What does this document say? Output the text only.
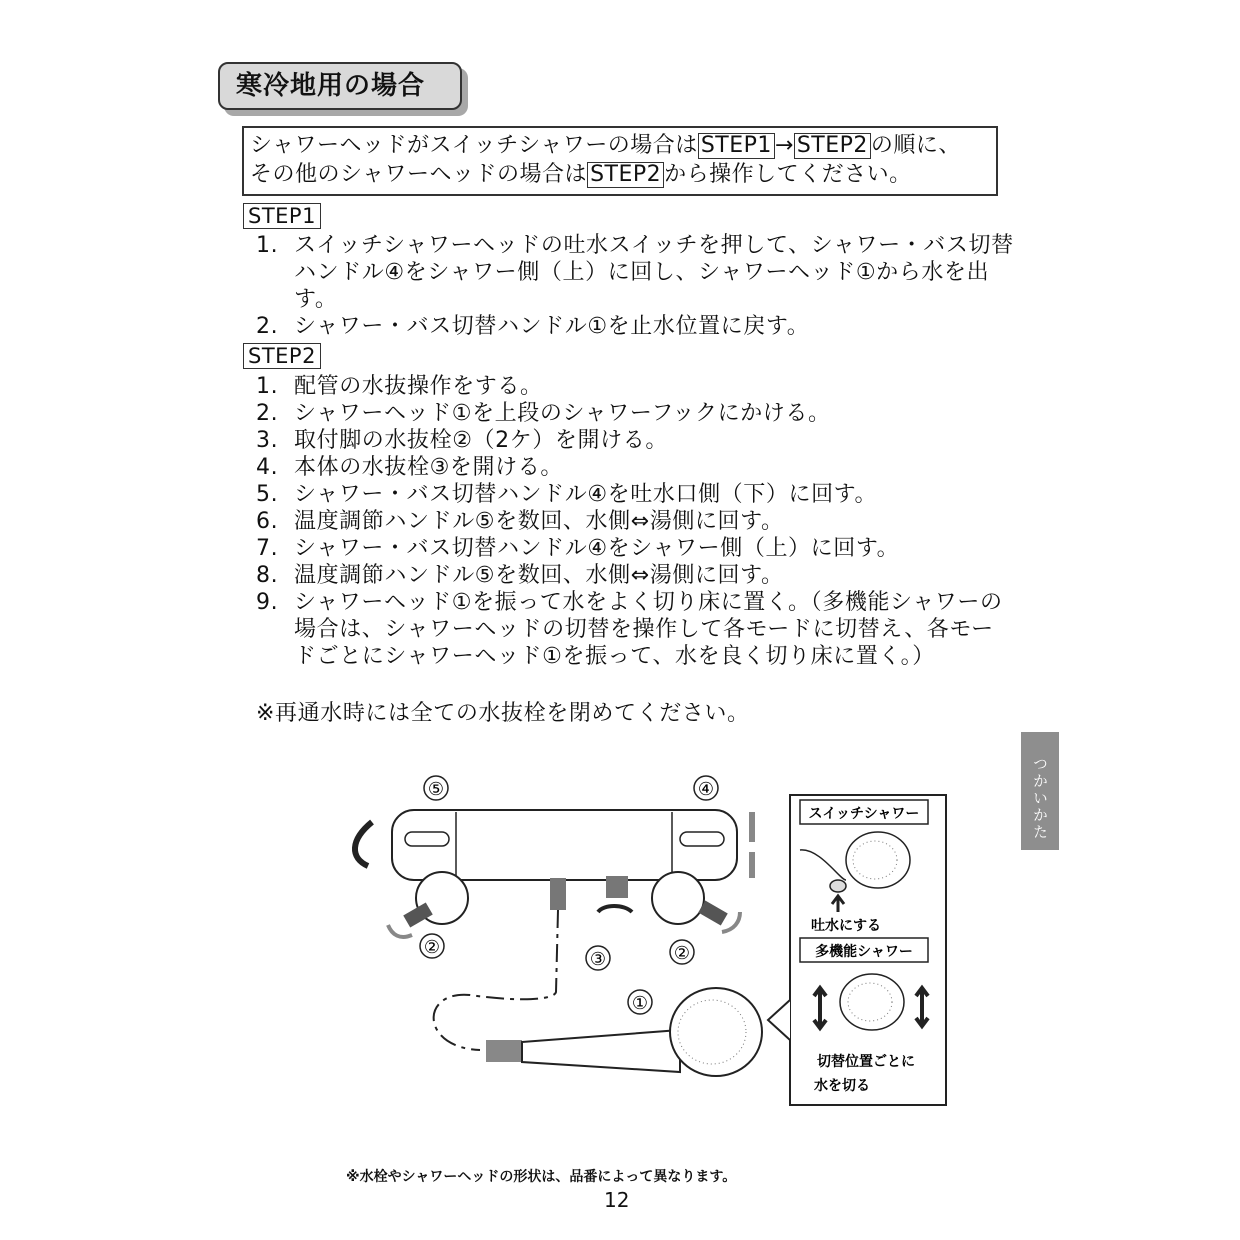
寒冷地用の場合
シャワーヘッドがスイッチシャワーの場合は STEP1 → STEP2 の順に、
その他のシャワーヘッドの場合は STEP2 から操作してください。
STEP1
1. スイッチシャワーヘッドの吐水スイッチを押して、シャワー・バス切替ハンドル④をシャワー側（上）に回し、シャワーヘッド①から水を出す。
2. シャワー・バス切替ハンドル①を止水位置に戻す。
STEP2
1. 配管の水抜操作をする。
2. シャワーヘッド①を上段のシャワーフックにかける。
3. 取付脚の水抜栓②（2ケ）を開ける。
4. 本体の水抜栓③を開ける。
5. シャワー・バス切替ハンドル④を吐水口側（下）に回す。
6. 温度調節ハンドル⑤を数回、水側⇔湯側に回す。
7. シャワー・バス切替ハンドル④をシャワー側（上）に回す。
8. 温度調節ハンドル⑤を数回、水側⇔湯側に回す。
9. シャワーヘッド①を振って水をよく切り床に置く。（多機能シャワーの場合は、シャワーヘッドの切替を操作して各モードに切替え、各モードごとにシャワーヘッド①を振って、水を良く切り床に置く。）
※再通水時には全ての水抜栓を閉めてください。
つかいかた
⑤	④
②	②
③
①
スイッチシャワー
吐水にする
多機能シャワー
切替位置ごとに
水を切る
※水栓やシャワーヘッドの形状は、品番によって異なります。
12
